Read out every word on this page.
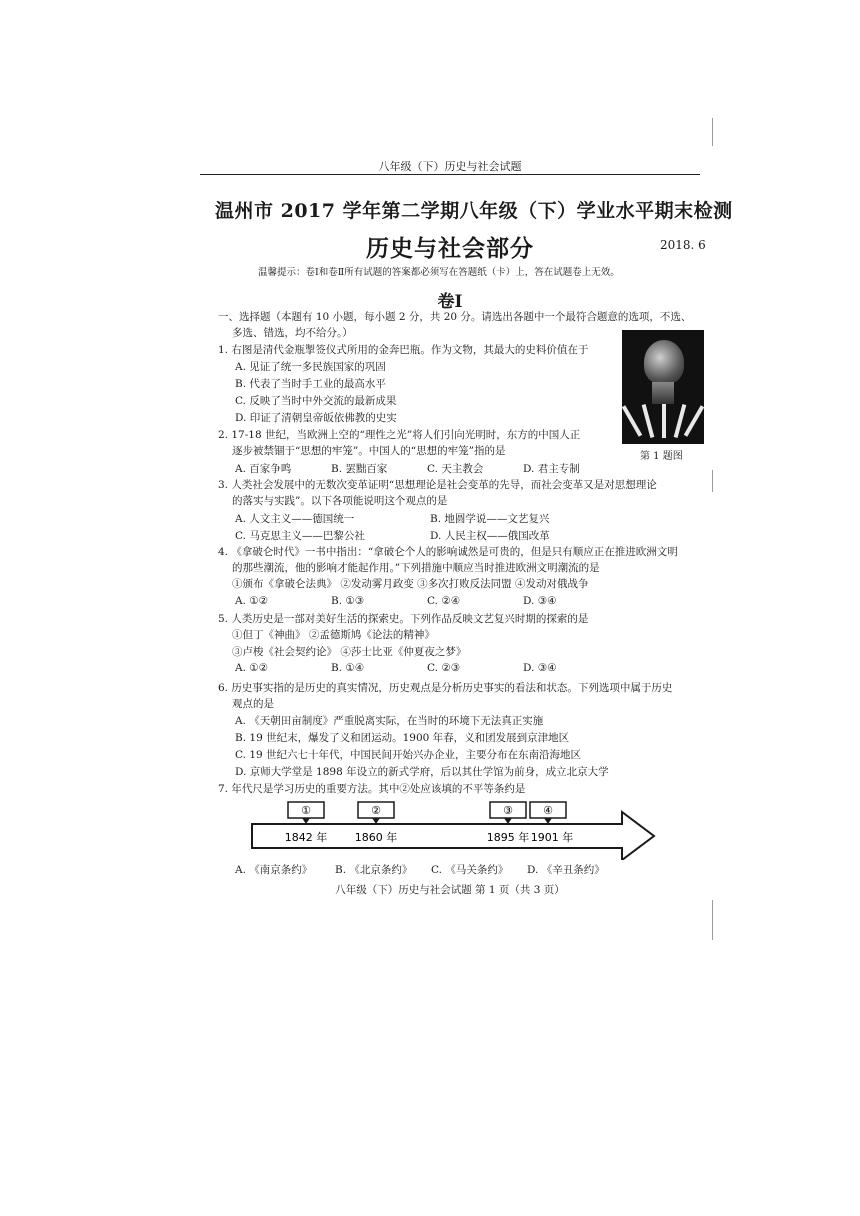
八年级（下）历史与社会试题
温州市 2017 学年第二学期八年级（下）学业水平期末检测
历史与社会部分	2018. 6
温馨提示：卷Ⅰ和卷Ⅱ所有试题的答案都必须写在答题纸（卡）上，答在试题卷上无效。
卷Ⅰ
一、选择题（本题有 10 小题，每小题 2 分，共 20 分。请选出各题中一个最符合题意的选项，不选、
多选、错选，均不给分。）
第 1 题图
1. 右图是清代金瓶掣签仪式所用的金奔巴瓶。作为文物，其最大的史料价值在于
A. 见证了统一多民族国家的巩固
B. 代表了当时手工业的最高水平
C. 反映了当时中外交流的最新成果
D. 印证了清朝皇帝皈依佛教的史实
2. 17-18 世纪，当欧洲上空的“理性之光”将人们引向光明时，东方的中国人正
逐步被禁锢于“思想的牢笼”。中国人的“思想的牢笼”指的是
A. 百家争鸣	B. 罢黜百家	C. 天主教会	D. 君主专制
3. 人类社会发展中的无数次变革证明“思想理论是社会变革的先导，而社会变革又是对思想理论
的落实与实践”。以下各项能说明这个观点的是
A. 人文主义——德国统一	B. 地圆学说——文艺复兴
C. 马克思主义——巴黎公社	D. 人民主权——俄国改革
4. 《拿破仑时代》一书中指出：“拿破仑个人的影响诚然是可贵的，但是只有顺应正在推进欧洲文明
的那些潮流，他的影响才能起作用。”下列措施中顺应当时推进欧洲文明潮流的是
①颁布《拿破仑法典》 ②发动雾月政变 ③多次打败反法同盟 ④发动对俄战争
A. ①②	B. ①③	C. ②④	D. ③④
5. 人类历史是一部对美好生活的探索史。下列作品反映文艺复兴时期的探索的是
①但丁《神曲》 ②孟德斯鸠《论法的精神》
③卢梭《社会契约论》 ④莎士比亚《仲夏夜之梦》
A. ①②	B. ①④	C. ②③	D. ③④
6. 历史事实指的是历史的真实情况，历史观点是分析历史事实的看法和状态。下列选项中属于历史
观点的是
A. 《天朝田亩制度》严重脱离实际，在当时的环境下无法真正实施
B. 19 世纪末，爆发了义和团运动。1900 年春，义和团发展到京津地区
C. 19 世纪六七十年代，中国民间开始兴办企业，主要分布在东南沿海地区
D. 京师大学堂是 1898 年设立的新式学府，后以其仕学馆为前身，成立北京大学
7. 年代尺是学习历史的重要方法。其中②处应该填的不平等条约是
①	②	③	④
1842 年	1860 年	1895 年 1901 年
A. 《南京条约》 B. 《北京条约》 C. 《马关条约》 D. 《辛丑条约》
八年级（下）历史与社会试题 第 1 页（共 3 页）
